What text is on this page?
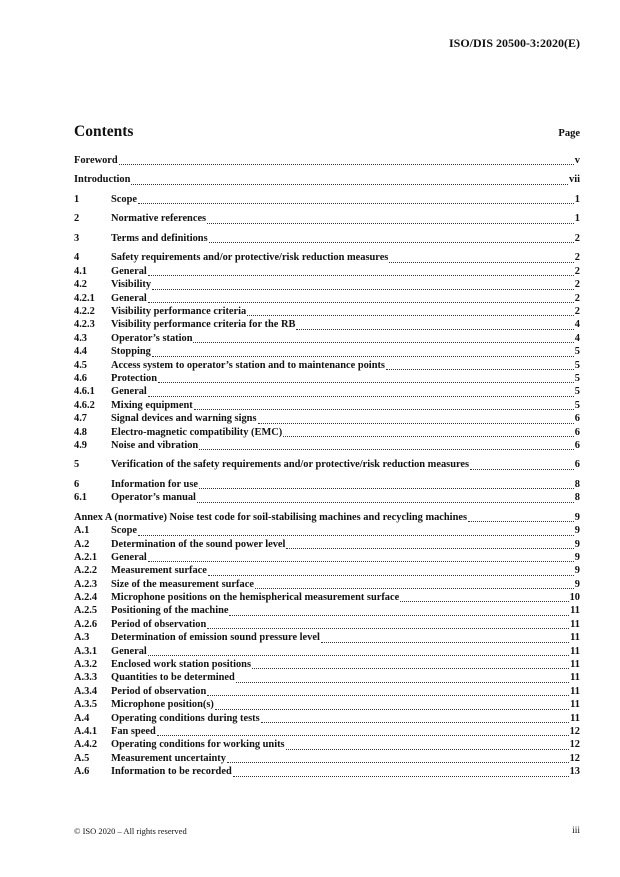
ISO/DIS 20500-3:2020(E)
Contents	Page
Foreword	v
Introduction	vii
1	Scope	1
2	Normative references	1
3	Terms and definitions	2
4	Safety requirements and/or protective/risk reduction measures	2
4.1	General	2
4.2	Visibility	2
4.2.1	General	2
4.2.2	Visibility performance criteria	2
4.2.3	Visibility performance criteria for the RB	4
4.3	Operator’s station	4
4.4	Stopping	5
4.5	Access system to operator’s station and to maintenance points	5
4.6	Protection	5
4.6.1	General	5
4.6.2	Mixing equipment	5
4.7	Signal devices and warning signs	6
4.8	Electro-magnetic compatibility (EMC)	6
4.9	Noise and vibration	6
5	Verification of the safety requirements and/or protective/risk reduction measures	6
6	Information for use	8
6.1	Operator’s manual	8
Annex A (normative) Noise test code for soil-stabilising machines and recycling machines	9
A.1	Scope	9
A.2	Determination of the sound power level	9
A.2.1	General	9
A.2.2	Measurement surface	9
A.2.3	Size of the measurement surface	9
A.2.4	Microphone positions on the hemispherical measurement surface	10
A.2.5	Positioning of the machine	11
A.2.6	Period of observation	11
A.3	Determination of emission sound pressure level	11
A.3.1	General	11
A.3.2	Enclosed work station positions	11
A.3.3	Quantities to be determined	11
A.3.4	Period of observation	11
A.3.5	Microphone position(s)	11
A.4	Operating conditions during tests	11
A.4.1	Fan speed	12
A.4.2	Operating conditions for working units	12
A.5	Measurement uncertainty	12
A.6	Information to be recorded	13
© ISO 2020 – All rights reserved	iii
